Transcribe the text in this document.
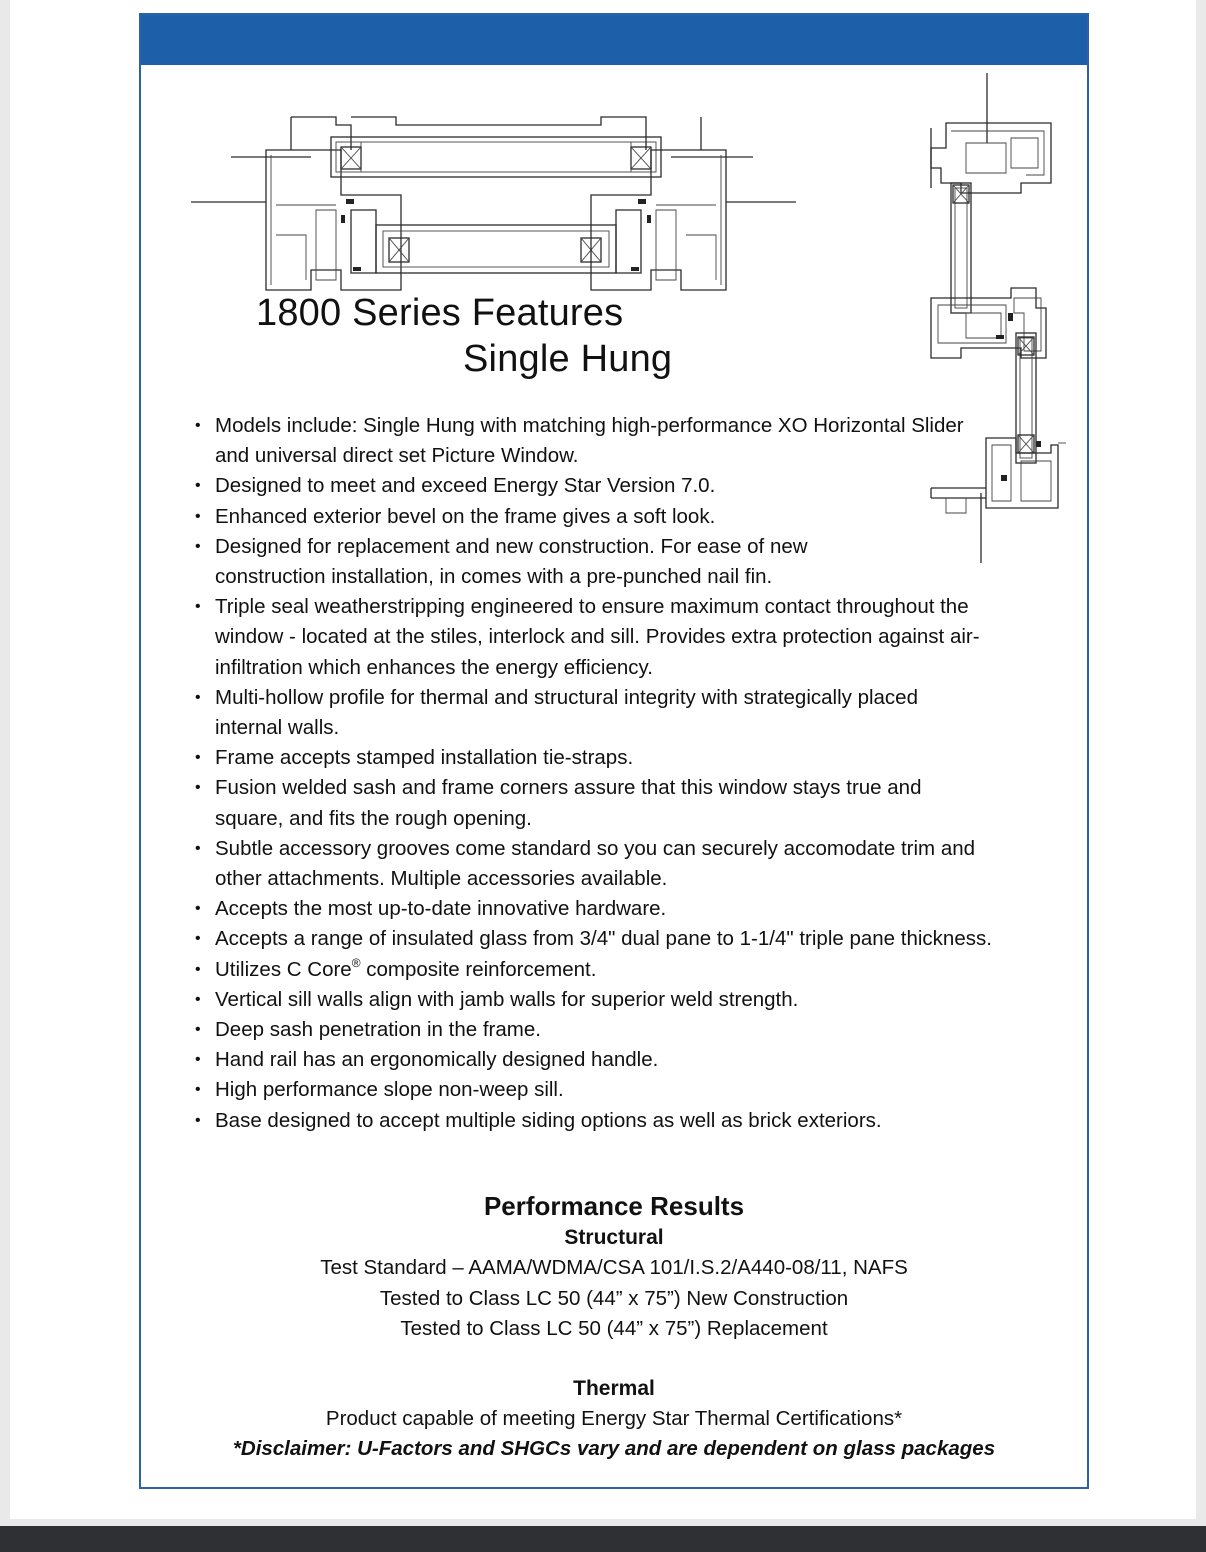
1800 Series Features
Single Hung
• Models include: Single Hung with matching high-performance XO Horizontal Slider and universal direct set Picture Window.
• Designed to meet and exceed Energy Star Version 7.0.
• Enhanced exterior bevel on the frame gives a soft look.
• Designed for replacement and new construction. For ease of new construction installation, in comes with a pre-punched nail fin.
• Triple seal weatherstripping engineered to ensure maximum contact throughout the window - located at the stiles, interlock and sill. Provides extra protection against air-infiltration which enhances the energy efficiency.
• Multi-hollow profile for thermal and structural integrity with strategically placed internal walls.
• Frame accepts stamped installation tie-straps.
• Fusion welded sash and frame corners assure that this window stays true and square, and fits the rough opening.
• Subtle accessory grooves come standard so you can securely accomodate trim and other attachments. Multiple accessories available.
• Accepts the most up-to-date innovative hardware.
• Accepts a range of insulated glass from 3/4" dual pane to 1-1/4" triple pane thickness.
• Utilizes C Core® composite reinforcement.
• Vertical sill walls align with jamb walls for superior weld strength.
• Deep sash penetration in the frame.
• Hand rail has an ergonomically designed handle.
• High performance slope non-weep sill.
• Base designed to accept multiple siding options as well as brick exteriors.

Performance Results

Structural

Test Standard – AAMA/WDMA/CSA 101/I.S.2/A440-08/11, NAFS

Tested to Class LC 50 (44” x 75”) New Construction

Tested to Class LC 50 (44” x 75”) Replacement

Thermal

Product capable of meeting Energy Star Thermal Certifications*

*Disclaimer: U-Factors and SHGCs vary and are dependent on glass packages
